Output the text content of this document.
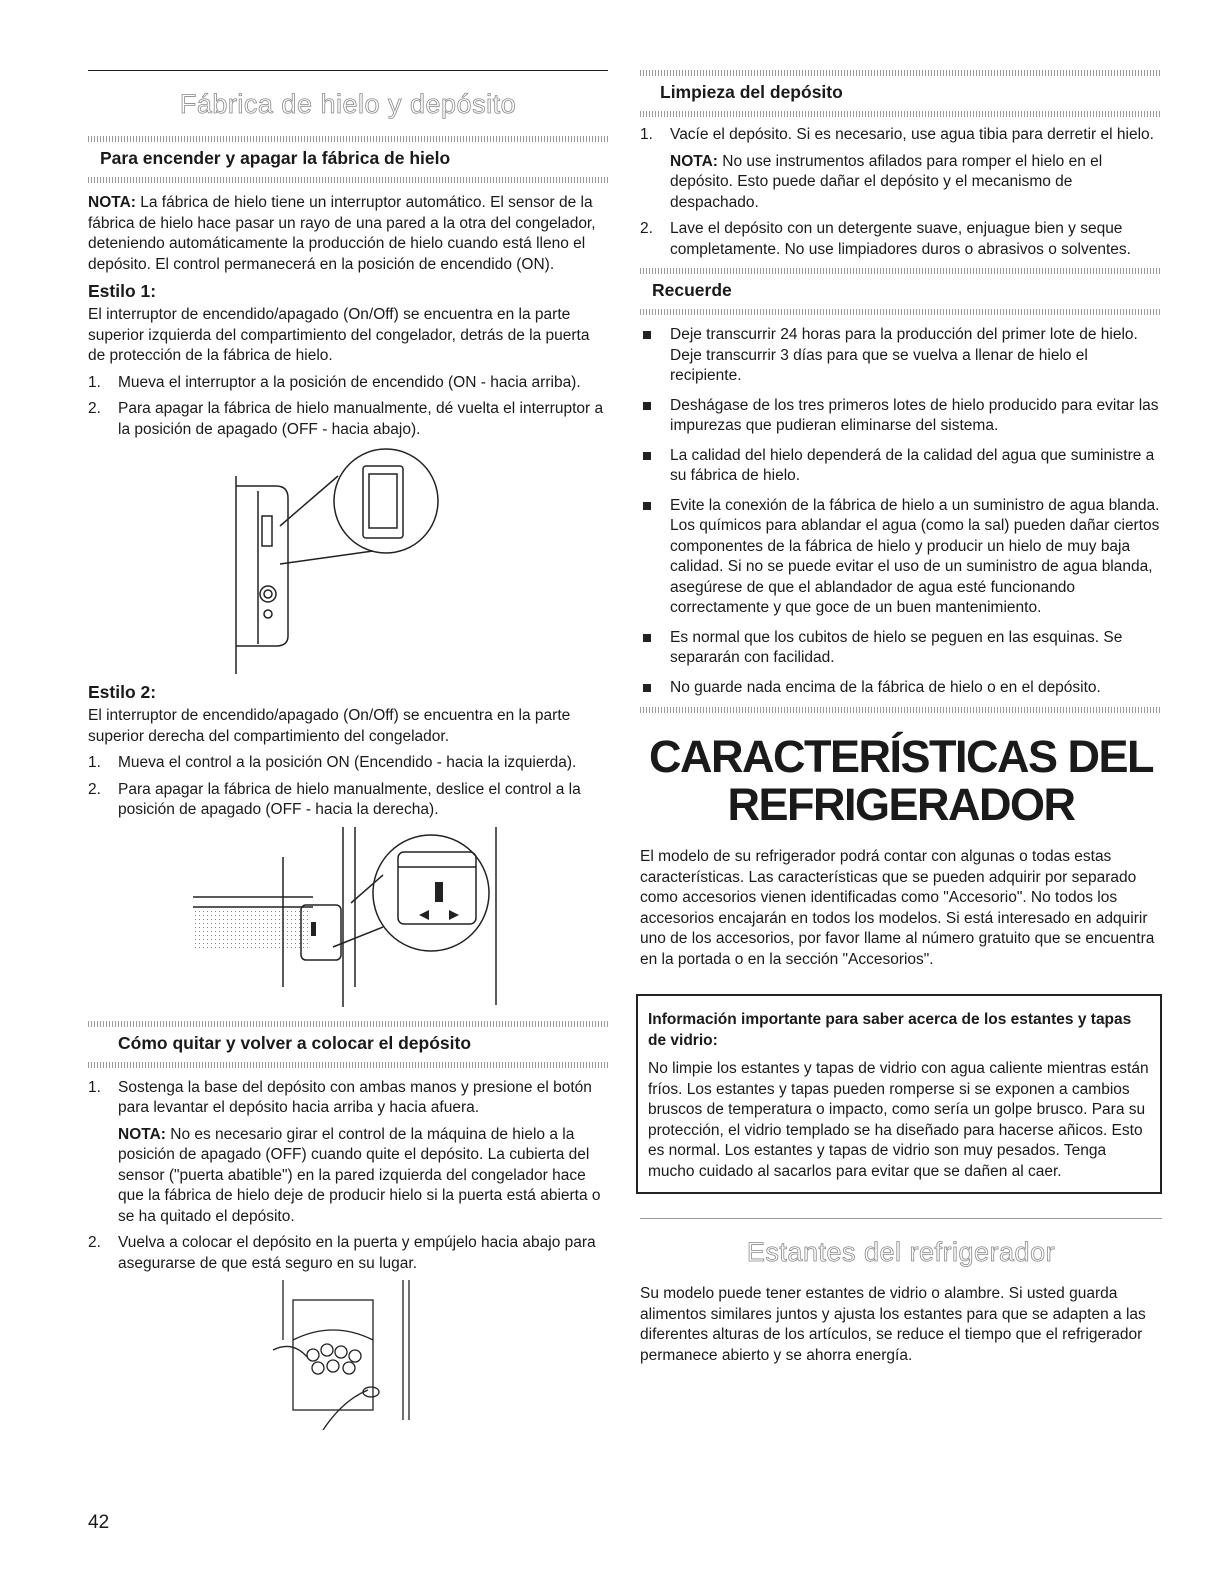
Fábrica de hielo y depósito
Para encender y apagar la fábrica de hielo

NOTA: La fábrica de hielo tiene un interruptor automático. El sensor de la fábrica de hielo hace pasar un rayo de una pared a la otra del congelador, deteniendo automáticamente la producción de hielo cuando está lleno el depósito. El control permanecerá en la posición de encendido (ON).

Estilo 1:

El interruptor de encendido/apagado (On/Off) se encuentra en la parte superior izquierda del compartimiento del congelador, detrás de la puerta de protección de la fábrica de hielo.

1. Mueva el interruptor a la posición de encendido (ON - hacia arriba).
2. Para apagar la fábrica de hielo manualmente, dé vuelta el interruptor a la posición de apagado (OFF - hacia abajo).
Estilo 2:

El interruptor de encendido/apagado (On/Off) se encuentra en la parte superior derecha del compartimiento del congelador.

1. Mueva el control a la posición ON (Encendido - hacia la izquierda).
2. Para apagar la fábrica de hielo manualmente, deslice el control a la posición de apagado (OFF - hacia la derecha).
Cómo quitar y volver a colocar el depósito
1. Sostenga la base del depósito con ambas manos y presione el botón para levantar el depósito hacia arriba y hacia afuera.
NOTA: No es necesario girar el control de la máquina de hielo a la posición de apagado (OFF) cuando quite el depósito. La cubierta del sensor ("puerta abatible") en la pared izquierda del congelador hace que la fábrica de hielo deje de producir hielo si la puerta está abierta o se ha quitado el depósito.
2. Vuelva a colocar el depósito en la puerta y empújelo hacia abajo para asegurarse de que está seguro en su lugar.
Limpieza del depósito
1. Vacíe el depósito. Si es necesario, use agua tibia para derretir el hielo.
NOTA: No use instrumentos afilados para romper el hielo en el depósito. Esto puede dañar el depósito y el mecanismo de despachado.
2. Lave el depósito con un detergente suave, enjuague bien y seque completamente. No use limpiadores duros o abrasivos o solventes.
Recuerde
Deje transcurrir 24 horas para la producción del primer lote de hielo. Deje transcurrir 3 días para que se vuelva a llenar de hielo el recipiente.
Deshágase de los tres primeros lotes de hielo producido para evitar las impurezas que pudieran eliminarse del sistema.
La calidad del hielo dependerá de la calidad del agua que suministre a su fábrica de hielo.
Evite la conexión de la fábrica de hielo a un suministro de agua blanda. Los químicos para ablandar el agua (como la sal) pueden dañar ciertos componentes de la fábrica de hielo y producir un hielo de muy baja calidad. Si no se puede evitar el uso de un suministro de agua blanda, asegúrese de que el ablandador de agua esté funcionando correctamente y que goce de un buen mantenimiento.
Es normal que los cubitos de hielo se peguen en las esquinas. Se separarán con facilidad.
No guarde nada encima de la fábrica de hielo o en el depósito.
CARACTERÍSTICAS DEL
REFRIGERADOR

El modelo de su refrigerador podrá contar con algunas o todas estas características. Las características que se pueden adquirir por separado como accesorios vienen identificadas como "Accesorio". No todos los accesorios encajarán en todos los modelos. Si está interesado en adquirir uno de los accesorios, por favor llame al número gratuito que se encuentra en la portada o en la sección "Accesorios".

Información importante para saber acerca de los estantes y tapas de vidrio:

No limpie los estantes y tapas de vidrio con agua caliente mientras están fríos. Los estantes y tapas pueden romperse si se exponen a cambios bruscos de temperatura o impacto, como sería un golpe brusco. Para su protección, el vidrio templado se ha diseñado para hacerse añicos. Esto es normal. Los estantes y tapas de vidrio son muy pesados. Tenga mucho cuidado al sacarlos para evitar que se dañen al caer.

Estantes del refrigerador

Su modelo puede tener estantes de vidrio o alambre. Si usted guarda alimentos similares juntos y ajusta los estantes para que se adapten a las diferentes alturas de los artículos, se reduce el tiempo que el refrigerador permanece abierto y se ahorra energía.

42
